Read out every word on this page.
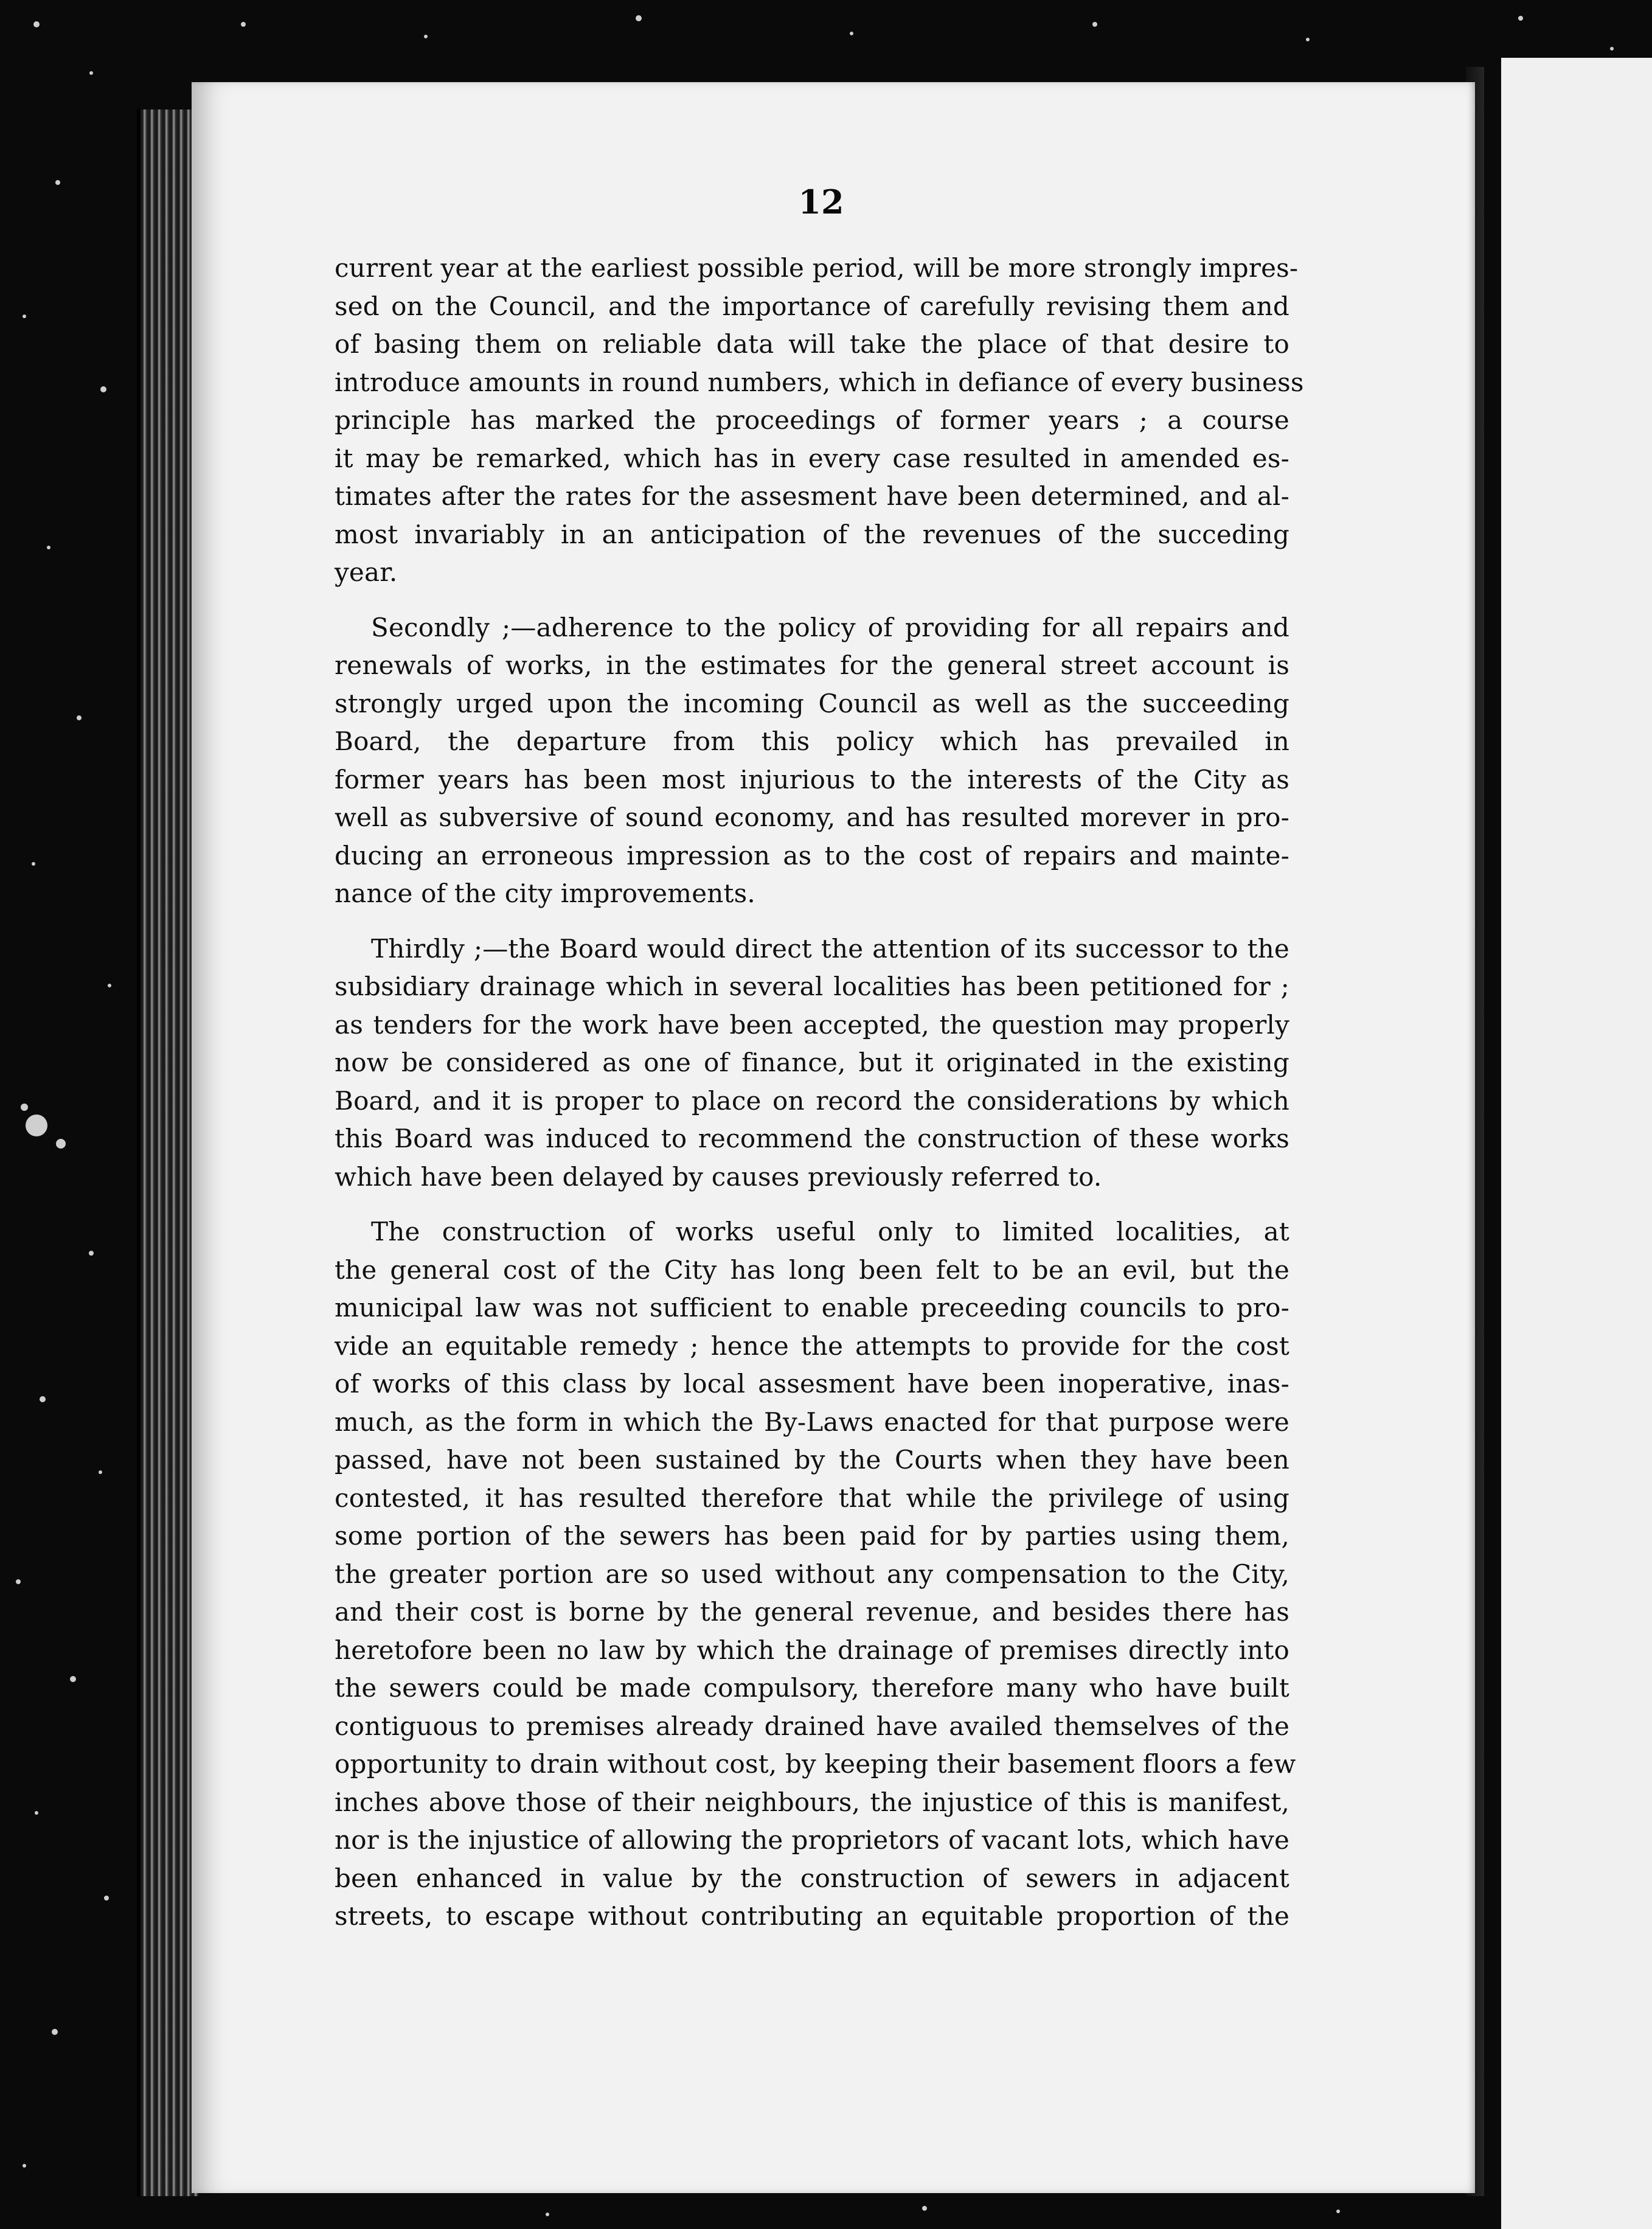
12
current year at the earliest possible period, will be more strongly impres-
sed on the Council, and the importance of carefully revising them and
of basing them on reliable data will take the place of that desire to
introduce amounts in round numbers, which in defiance of every business
principle has marked the proceedings of former years ; a course
it may be remarked, which has in every case resulted in amended es-
timates after the rates for the assesment have been determined, and al-
most invariably in an anticipation of the revenues of the succeding
year.
Secondly ;—adherence to the policy of providing for all repairs and
renewals of works, in the estimates for the general street account is
strongly urged upon the incoming Council as well as the succeeding
Board, the departure from this policy which has prevailed in
former years has been most injurious to the interests of the City as
well as subversive of sound economy, and has resulted morever in pro-
ducing an erroneous impression as to the cost of repairs and mainte-
nance of the city improvements.
Thirdly ;—the Board would direct the attention of its successor to the
subsidiary drainage which in several localities has been petitioned for ;
as tenders for the work have been accepted, the question may properly
now be considered as one of finance, but it originated in the existing
Board, and it is proper to place on record the considerations by which
this Board was induced to recommend the construction of these works
which have been delayed by causes previously referred to.
The construction of works useful only to limited localities, at
the general cost of the City has long been felt to be an evil, but the
municipal law was not sufficient to enable preceeding councils to pro-
vide an equitable remedy ; hence the attempts to provide for the cost
of works of this class by local assesment have been inoperative, inas-
much, as the form in which the By-Laws enacted for that purpose were
passed, have not been sustained by the Courts when they have been
contested, it has resulted therefore that while the privilege of using
some portion of the sewers has been paid for by parties using them,
the greater portion are so used without any compensation to the City,
and their cost is borne by the general revenue, and besides there has
heretofore been no law by which the drainage of premises directly into
the sewers could be made compulsory, therefore many who have built
contiguous to premises already drained have availed themselves of the
opportunity to drain without cost, by keeping their basement floors a few
inches above those of their neighbours, the injustice of this is manifest,
nor is the injustice of allowing the proprietors of vacant lots, which have
been enhanced in value by the construction of sewers in adjacent
streets, to escape without contributing an equitable proportion of the
